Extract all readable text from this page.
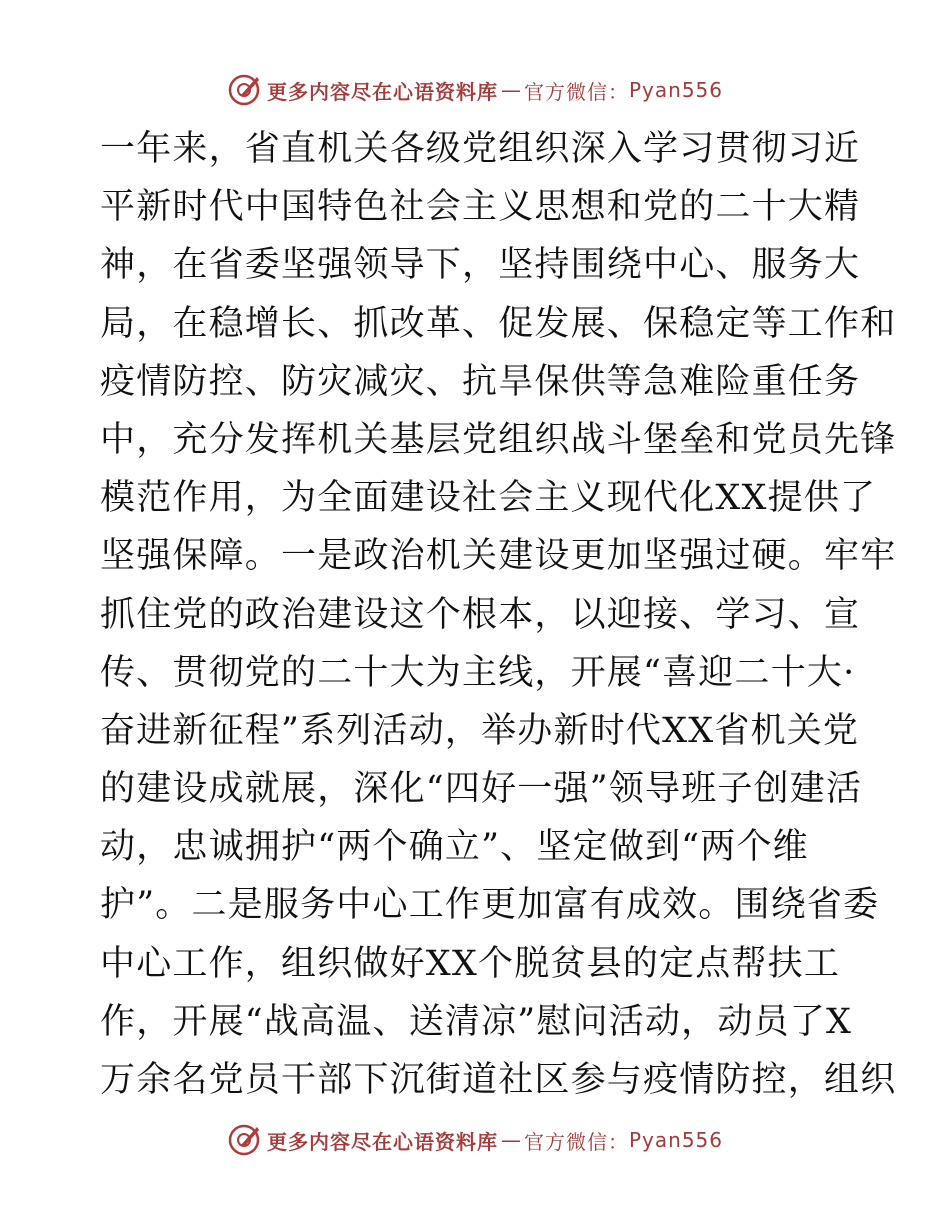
更多内容尽在心语资料库 — 官方微信： Pyan556
一年来，省直机关各级党组织深入学习贯彻习近
平新时代中国特色社会主义思想和党的二十大精
神，在省委坚强领导下，坚持围绕中心、服务大
局，在稳增长、抓改革、促发展、保稳定等工作和
疫情防控、防灾减灾、抗旱保供等急难险重任务
中，充分发挥机关基层党组织战斗堡垒和党员先锋
模范作用，为全面建设社会主义现代化XX提供了
坚强保障。一是政治机关建设更加坚强过硬。牢牢
抓住党的政治建设这个根本，以迎接、学习、宣
传、贯彻党的二十大为主线，开展“喜迎二十大·
奋进新征程”系列活动，举办新时代XX省机关党
的建设成就展，深化“四好一强”领导班子创建活
动，忠诚拥护“两个确立”、坚定做到“两个维
护”。二是服务中心工作更加富有成效。围绕省委
中心工作，组织做好XX个脱贫县的定点帮扶工
作，开展“战高温、送清凉”慰问活动，动员了X
万余名党员干部下沉街道社区参与疫情防控，组织
更多内容尽在心语资料库 — 官方微信： Pyan556
